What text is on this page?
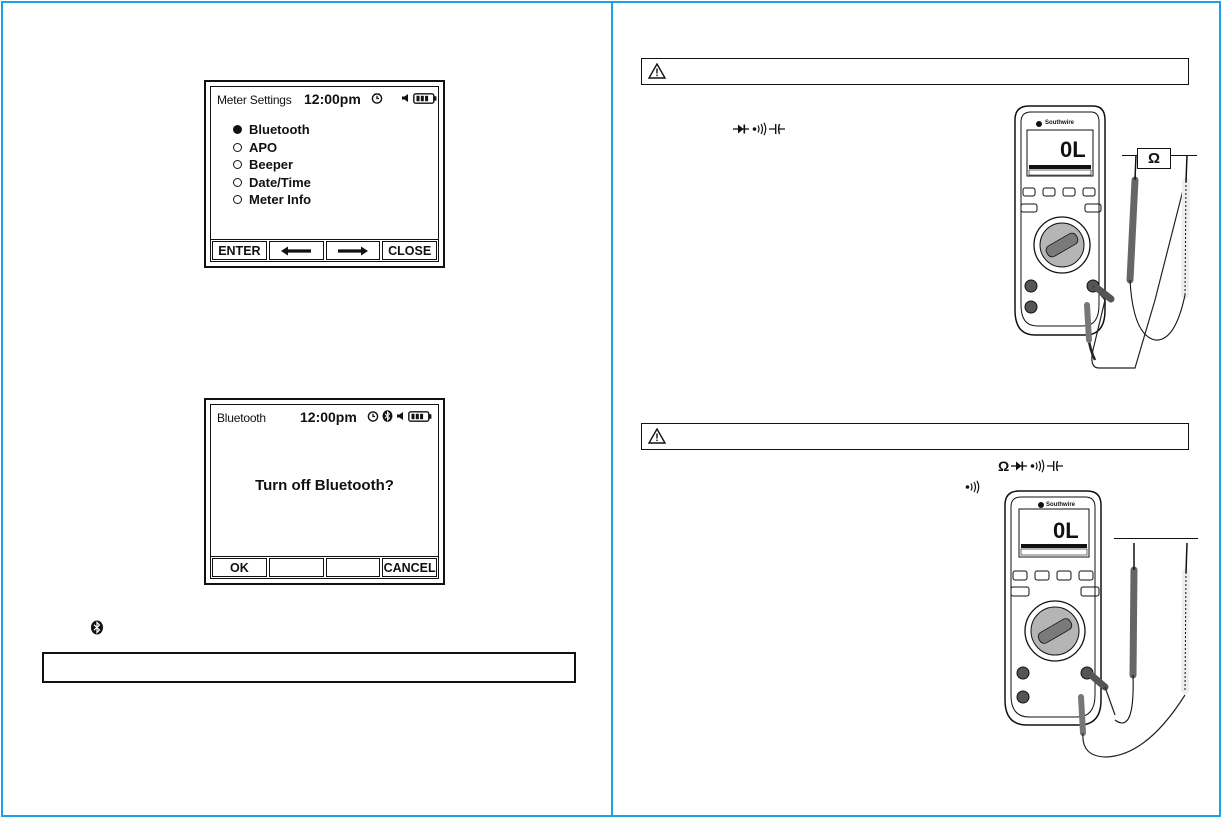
Meter Settings 12:00pm
Bluetooth
APO
Beeper
Date/Time
Meter Info
ENTER	CLOSE
Bluetooth 12:00pm
Turn off Bluetooth?
OK	CANCEL
0L
Southwire
Ω
Ω
0L
Southwire
